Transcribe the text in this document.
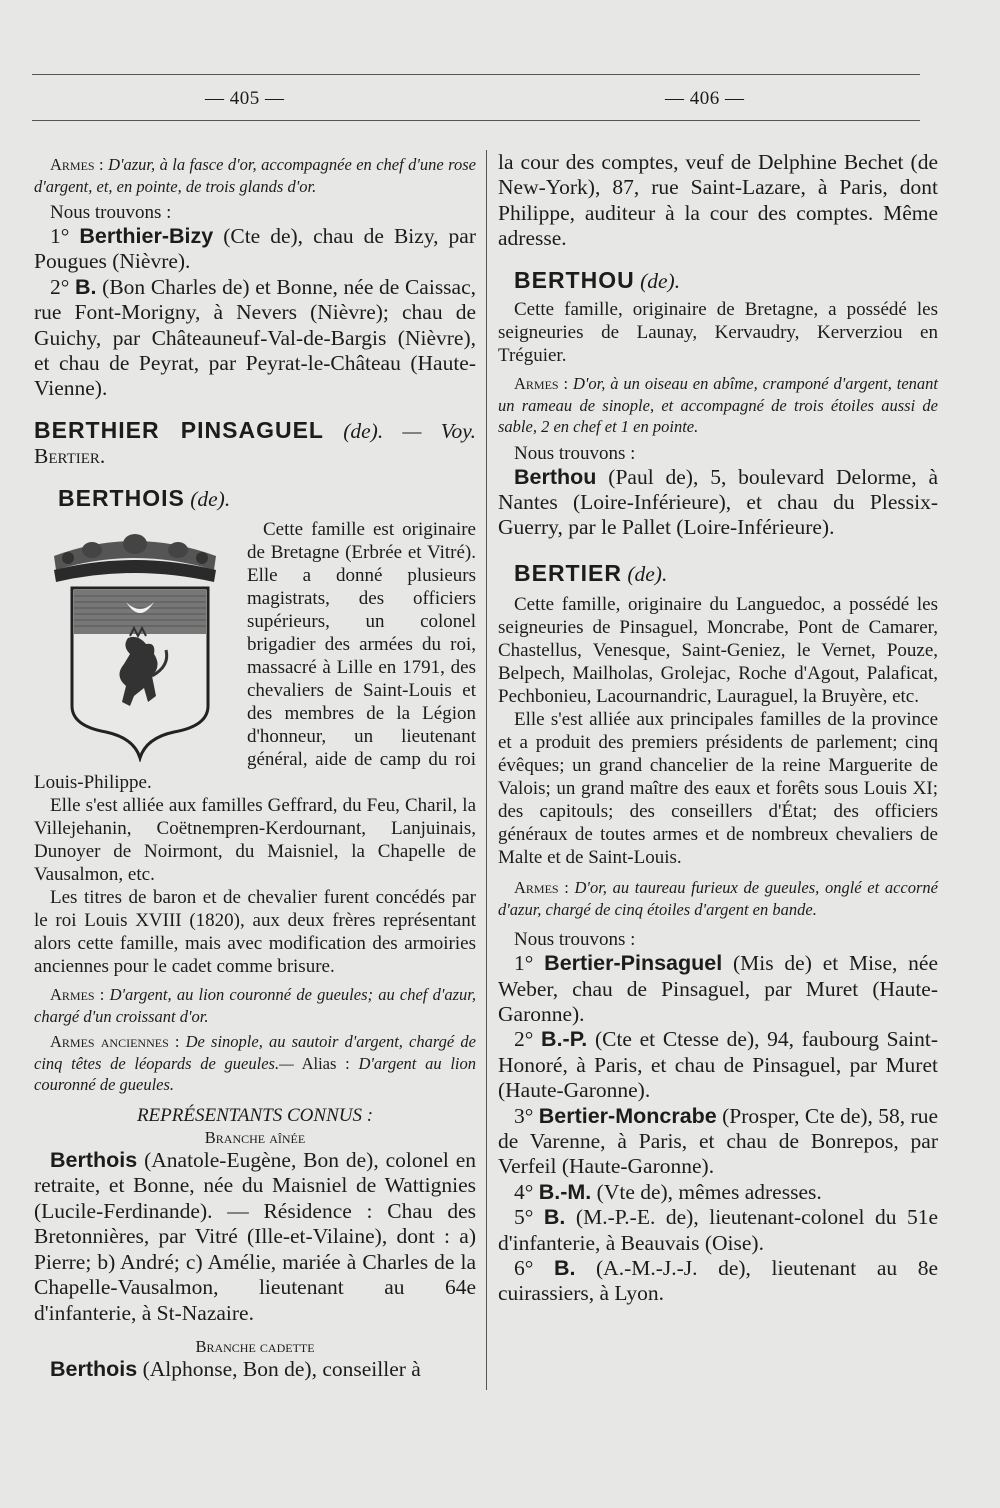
— 405 —	— 406 —

Armes : D'azur, à la fasce d'or, accompagnée en chef d'une rose d'argent, et, en pointe, de trois glands d'or.

Nous trouvons :

1° Berthier-Bizy (Cte de), chau de Bizy, par Pougues (Nièvre).

2° B. (Bon Charles de) et Bonne, née de Caissac, rue Font-Morigny, à Nevers (Nièvre); chau de Guichy, par Châteauneuf-Val-de-Bargis (Nièvre), et chau de Peyrat, par Peyrat-le-Château (Haute-Vienne).

BERTHIER PINSAGUEL (de). — Voy. Bertier.

BERTHOIS (de).

Cette famille est originaire de Bretagne (Erbrée et Vitré). Elle a donné plusieurs magistrats, des officiers supérieurs, un colonel brigadier des armées du roi, massacré à Lille en 1791, des chevaliers de Saint-Louis et des membres de la Légion d'honneur, un lieutenant général, aide de camp du roi Louis-Philippe.

Elle s'est alliée aux familles Geffrard, du Feu, Charil, la Villejehanin, Coëtnempren-Kerdournant, Lanjuinais, Dunoyer de Noirmont, du Maisniel, la Chapelle de Vausalmon, etc.

Les titres de baron et de chevalier furent concédés par le roi Louis XVIII (1820), aux deux frères représentant alors cette famille, mais avec modification des armoiries anciennes pour le cadet comme brisure.

Armes : D'argent, au lion couronné de gueules; au chef d'azur, chargé d'un croissant d'or.

Armes anciennes : De sinople, au sautoir d'argent, chargé de cinq têtes de léopards de gueules.— Alias : D'argent au lion couronné de gueules.

REPRÉSENTANTS CONNUS :

Branche aînée

Berthois (Anatole-Eugène, Bon de), colonel en retraite, et Bonne, née du Maisniel de Wattignies (Lucile-Ferdinande). — Résidence : Chau des Bretonnières, par Vitré (Ille-et-Vilaine), dont : a) Pierre; b) André; c) Amélie, mariée à Charles de la Chapelle-Vausalmon, lieutenant au 64e d'infanterie, à St-Nazaire.

Branche cadette

Berthois (Alphonse, Bon de), conseiller à

la cour des comptes, veuf de Delphine Bechet (de New-York), 87, rue Saint-Lazare, à Paris, dont Philippe, auditeur à la cour des comptes. Même adresse.

BERTHOU (de).

Cette famille, originaire de Bretagne, a possédé les seigneuries de Launay, Kervaudry, Kerverziou en Tréguier.

Armes : D'or, à un oiseau en abîme, cramponé d'argent, tenant un rameau de sinople, et accompagné de trois étoiles aussi de sable, 2 en chef et 1 en pointe.

Nous trouvons :

Berthou (Paul de), 5, boulevard Delorme, à Nantes (Loire-Inférieure), et chau du Plessix-Guerry, par le Pallet (Loire-Inférieure).

BERTIER (de).

Cette famille, originaire du Languedoc, a possédé les seigneuries de Pinsaguel, Moncrabe, Pont de Camarer, Chastellus, Venesque, Saint-Geniez, le Vernet, Pouze, Belpech, Mailholas, Grolejac, Roche d'Agout, Palaficat, Pechbonieu, Lacournandric, Lauraguel, la Bruyère, etc.

Elle s'est alliée aux principales familles de la province et a produit des premiers présidents de parlement; cinq évêques; un grand chancelier de la reine Marguerite de Valois; un grand maître des eaux et forêts sous Louis XI; des capitouls; des conseillers d'État; des officiers généraux de toutes armes et de nombreux chevaliers de Malte et de Saint-Louis.

Armes : D'or, au taureau furieux de gueules, onglé et accorné d'azur, chargé de cinq étoiles d'argent en bande.

Nous trouvons :

1° Bertier-Pinsaguel (Mis de) et Mise, née Weber, chau de Pinsaguel, par Muret (Haute-Garonne).

2° B.-P. (Cte et Ctesse de), 94, faubourg Saint-Honoré, à Paris, et chau de Pinsaguel, par Muret (Haute-Garonne).

3° Bertier-Moncrabe (Prosper, Cte de), 58, rue de Varenne, à Paris, et chau de Bonrepos, par Verfeil (Haute-Garonne).

4° B.-M. (Vte de), mêmes adresses.

5° B. (M.-P.-E. de), lieutenant-colonel du 51e d'infanterie, à Beauvais (Oise).

6° B. (A.-M.-J.-J. de), lieutenant au 8e cuirassiers, à Lyon.
